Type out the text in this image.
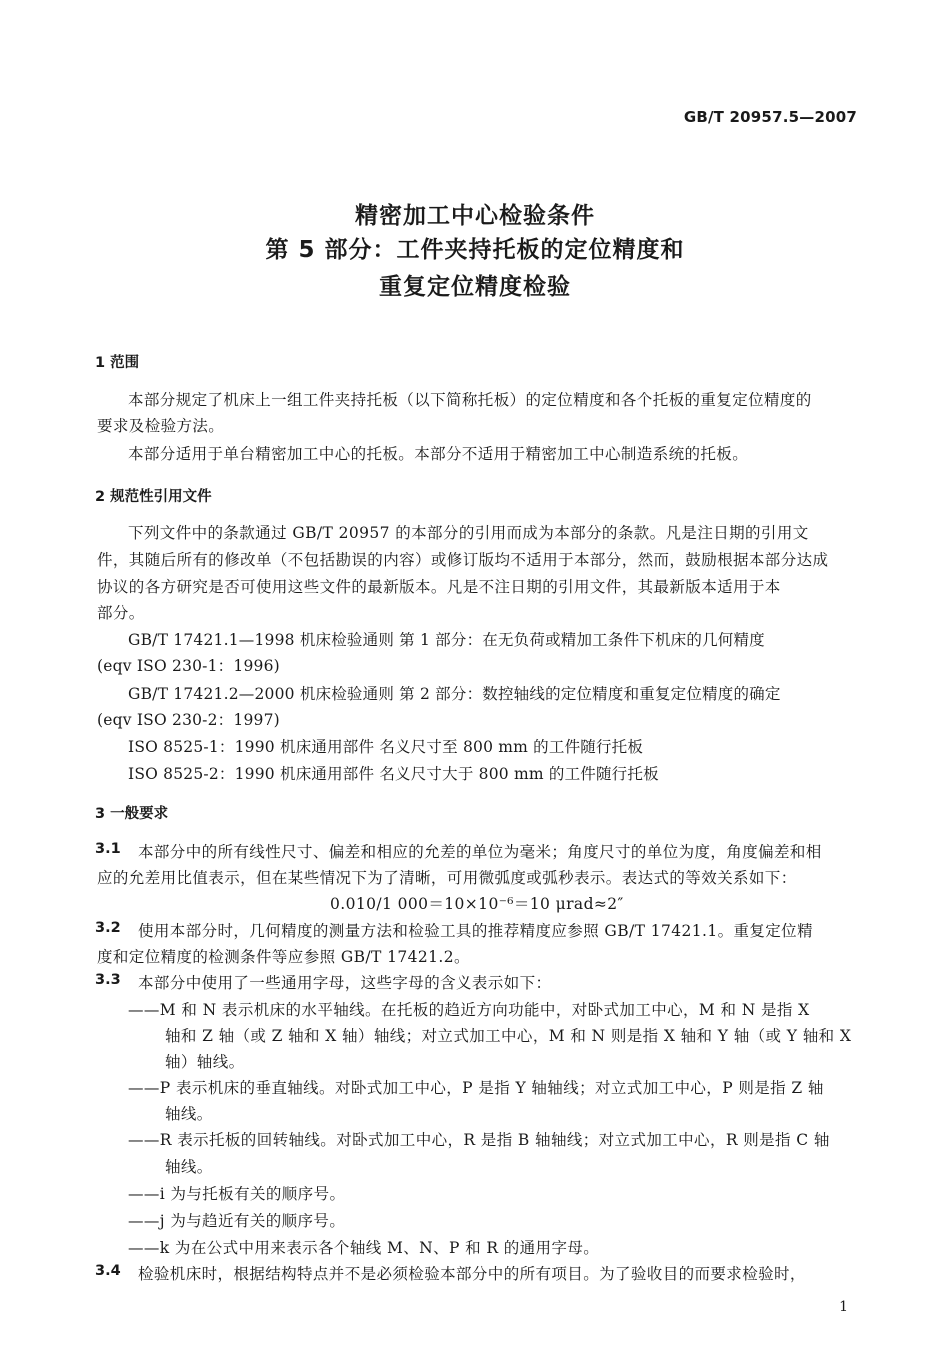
GB/T 20957.5—2007
精密加工中心检验条件
第 5 部分：工件夹持托板的定位精度和
重复定位精度检验
1 范围
本部分规定了机床上一组工件夹持托板（以下简称托板）的定位精度和各个托板的重复定位精度的
要求及检验方法。
本部分适用于单台精密加工中心的托板。本部分不适用于精密加工中心制造系统的托板。
2 规范性引用文件
下列文件中的条款通过 GB/T 20957 的本部分的引用而成为本部分的条款。凡是注日期的引用文
件，其随后所有的修改单（不包括勘误的内容）或修订版均不适用于本部分，然而，鼓励根据本部分达成
协议的各方研究是否可使用这些文件的最新版本。凡是不注日期的引用文件，其最新版本适用于本
部分。
GB/T 17421.1—1998 机床检验通则 第 1 部分：在无负荷或精加工条件下机床的几何精度
(eqv ISO 230-1：1996)
GB/T 17421.2—2000 机床检验通则 第 2 部分：数控轴线的定位精度和重复定位精度的确定
(eqv ISO 230-2：1997)
ISO 8525-1：1990 机床通用部件 名义尺寸至 800 mm 的工件随行托板
ISO 8525-2：1990 机床通用部件 名义尺寸大于 800 mm 的工件随行托板
3 一般要求
3.1 本部分中的所有线性尺寸、偏差和相应的允差的单位为毫米；角度尺寸的单位为度，角度偏差和相
应的允差用比值表示，但在某些情况下为了清晰，可用微弧度或弧秒表示。表达式的等效关系如下：
0.010/1 000＝10×10⁻⁶＝10 μrad≈2″
3.2 使用本部分时，几何精度的测量方法和检验工具的推荐精度应参照 GB/T 17421.1。重复定位精
度和定位精度的检测条件等应参照 GB/T 17421.2。
3.3 本部分中使用了一些通用字母，这些字母的含义表示如下：
——M 和 N 表示机床的水平轴线。在托板的趋近方向功能中，对卧式加工中心，M 和 N 是指 X
轴和 Z 轴（或 Z 轴和 X 轴）轴线；对立式加工中心，M 和 N 则是指 X 轴和 Y 轴（或 Y 轴和 X
轴）轴线。
——P 表示机床的垂直轴线。对卧式加工中心，P 是指 Y 轴轴线；对立式加工中心，P 则是指 Z 轴
轴线。
——R 表示托板的回转轴线。对卧式加工中心，R 是指 B 轴轴线；对立式加工中心，R 则是指 C 轴
轴线。
——i 为与托板有关的顺序号。
——j 为与趋近有关的顺序号。
——k 为在公式中用来表示各个轴线 M、N、P 和 R 的通用字母。
3.4 检验机床时，根据结构特点并不是必须检验本部分中的所有项目。为了验收目的而要求检验时，
1
